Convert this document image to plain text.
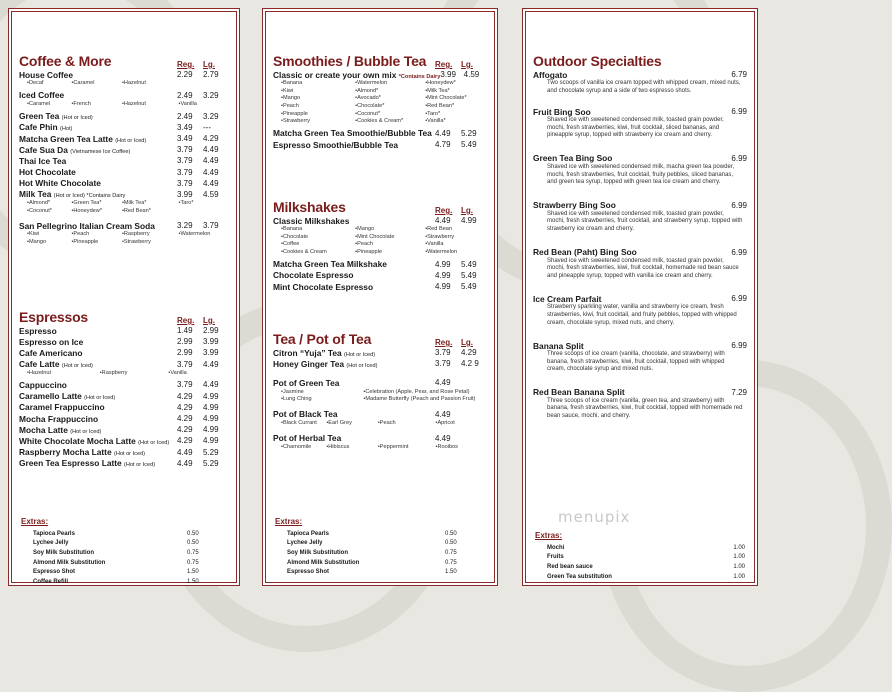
Coffee & More	Reg.	Lg.
House Coffee	2.29	2.79
•Decaf	•Caramel	•Hazelnut
Iced Coffee	2.49	3.29
•Caramel	•French	•Hazelnut	•Vanilla
Green Tea (Hot or Iced)	2.49	3.29
Cafe Phin (Hot)	3.49	---
Matcha Green Tea Latte (Hot or Iced)	3.49	4.29
Cafe Sua Da (Vietnamese Ice Coffee)	3.79	4.49
Thai Ice Tea	3.79	4.49
Hot Chocolate	3.79	4.49
Hot White Chocolate	3.79	4.49
Milk Tea (Hot or Iced) *Contains Dairy	3.99	4.59
•Almond*	•Green Tea*	•Milk Tea*	•Taro*
•Coconut*	•Honeydew*	•Red Bean*
San Pellegrino Italian Cream Soda	3.29	3.79
•Kiwi	•Peach	•Raspberry	•Watermelon
•Mango	•Pineapple	•Strawberry
Espressos	Reg.	Lg.
Espresso	1.49	2.99
Espresso on Ice	2.99	3.99
Cafe Americano	2.99	3.99
Cafe Latte (Hot or Iced)	3.79	4.49
•Hazelnut	•Raspberry	•Vanilla
Cappuccino	3.79	4.49
Caramello Latte (Hot or Iced)	4.29	4.99
Caramel Frappuccino	4.29	4.99
Mocha Frappuccino	4.29	4.99
Mocha Latte (Hot or Iced)	4.29	4.99
White Chocolate Mocha Latte (Hot or Iced) 4.29	4.99
Raspberry Mocha Latte (Hot or Iced)	4.49	5.29
Green Tea Espresso Latte (Hot or Iced)	4.49	5.29
Extras:
Tapioca Pearls	0.50
Lychee Jelly	0.50
Soy Milk Substitution	0.75
Almond Milk Substitution	0.75
Espresso Shot	1.50
Coffee Refill	1.50
Smoothies / Bubble Tea	Reg.	Lg.
Classic or create your own mix *Contains Dairy 3.99 4.59
•Banana	•Watermelon	•Honeydew*
•Kiwi	•Almond*	•Milk Tea*
•Mango	•Avocado*	•Mint Chocolate*
•Peach	•Chocolate*	•Red Bean*
•Pineapple	•Coconut*	•Taro*
•Strawberry	•Cookies & Cream*	•Vanilla*
Matcha Green Tea Smoothie/Bubble Tea 4.49	5.29
Espresso Smoothie/Bubble Tea	4.79	5.49
Milkshakes	Reg.	Lg.
Classic Milkshakes	4.49	4.99
•Banana	•Mango	•Red Bean
•Chocolate	•Mint Chocolate	•Strawberry
•Coffee	•Peach	•Vanilla
•Cookies & Cream	•Pineapple	•Watermelon
Matcha Green Tea Milkshake	4.99	5.49
Chocolate Espresso	4.99	5.49
Mint Chocolate Espresso	4.99	5.49
Tea / Pot of Tea	Reg.	Lg.
Citron “Yuja” Tea (Hot or Iced)	3.79	4.29
Honey Ginger Tea (Hot or Iced)	3.79	4.2 9
Pot of Green Tea	4.49
•Jasmine	•Celebration (Apple, Pear, and Rose Petal)
•Lung Ching	•Madame Butterfly (Peach and Passion Fruit)
Pot of Black Tea	4.49
•Black Currant	•Earl Grey	•Peach	•Apricot
Pot of Herbal Tea	4.49
•Chamomile	•Hibiscus	•Peppermint	•Rooibos
Extras:
Tapioca Pearls	0.50
Lychee Jelly	0.50
Soy Milk Substitution	0.75
Almond Milk Substitution	0.75
Espresso Shot	1.50
Outdoor Specialties
Affogato	6.79
Two scoops of vanilla ice cream topped with whipped cream, mixed nuts, and chocolate syrup and a side of two espresso shots.
Fruit Bing Soo	6.99
Shaved ice with sweetened condensed milk, toasted grain powder, mochi, fresh strawberries, kiwi, fruit cocktail, sliced bananas, and pineapple syrup, topped with strawberry ice cream and cherry.
Green Tea Bing Soo	6.99
Shaved ice with sweetened condensed milk, macha green tea powder, mochi, fresh strawberries, fruit cocktail, fruity pebbles, sliced bananas, and green tea syrup, topped with green tea ice cream and cherry.
Strawberry Bing Soo	6.99
Shaved ice with sweetened condensed milk, toasted grain powder, mochi, fresh strawberries, fruit cocktail, and strawberry syrup, topped with strawberry ice cream and cherry.
Red Bean (Paht) Bing Soo	6.99
Shaved ice with sweetened condensed milk, toasted grain powder, mochi, fresh strawberries, kiwi, fruit cocktail, homemade red bean sauce and pineapple syrup, topped with vanilla ice cream and cherry.
Ice Cream Parfait	6.99
Strawberry sparkling water, vanilla and strawberry ice cream, fresh strawberries, kiwi, fruit cocktail, and fruity pebbles, topped with whipped cream, chocolate syrup, mixed nuts, and cherry.
Banana Split	6.99
Three scoops of ice cream (vanilla, chocolate, and strawberry) with banana, fresh strawberries, kiwi, fruit cocktail, topped with whipped cream, chocolate syrup and mixed nuts.
Red Bean Banana Split	7.29
Three scoops of ice cream (vanilla, green tea, and strawberry) with banana, fresh strawberries, kiwi, fruit cocktail, topped with homemade red bean sauce, mochi, and cherry.
Extras:
Mochi	1.00
Fruits	1.00
Red bean sauce	1.00
Green Tea substitution	1.00
menupix
